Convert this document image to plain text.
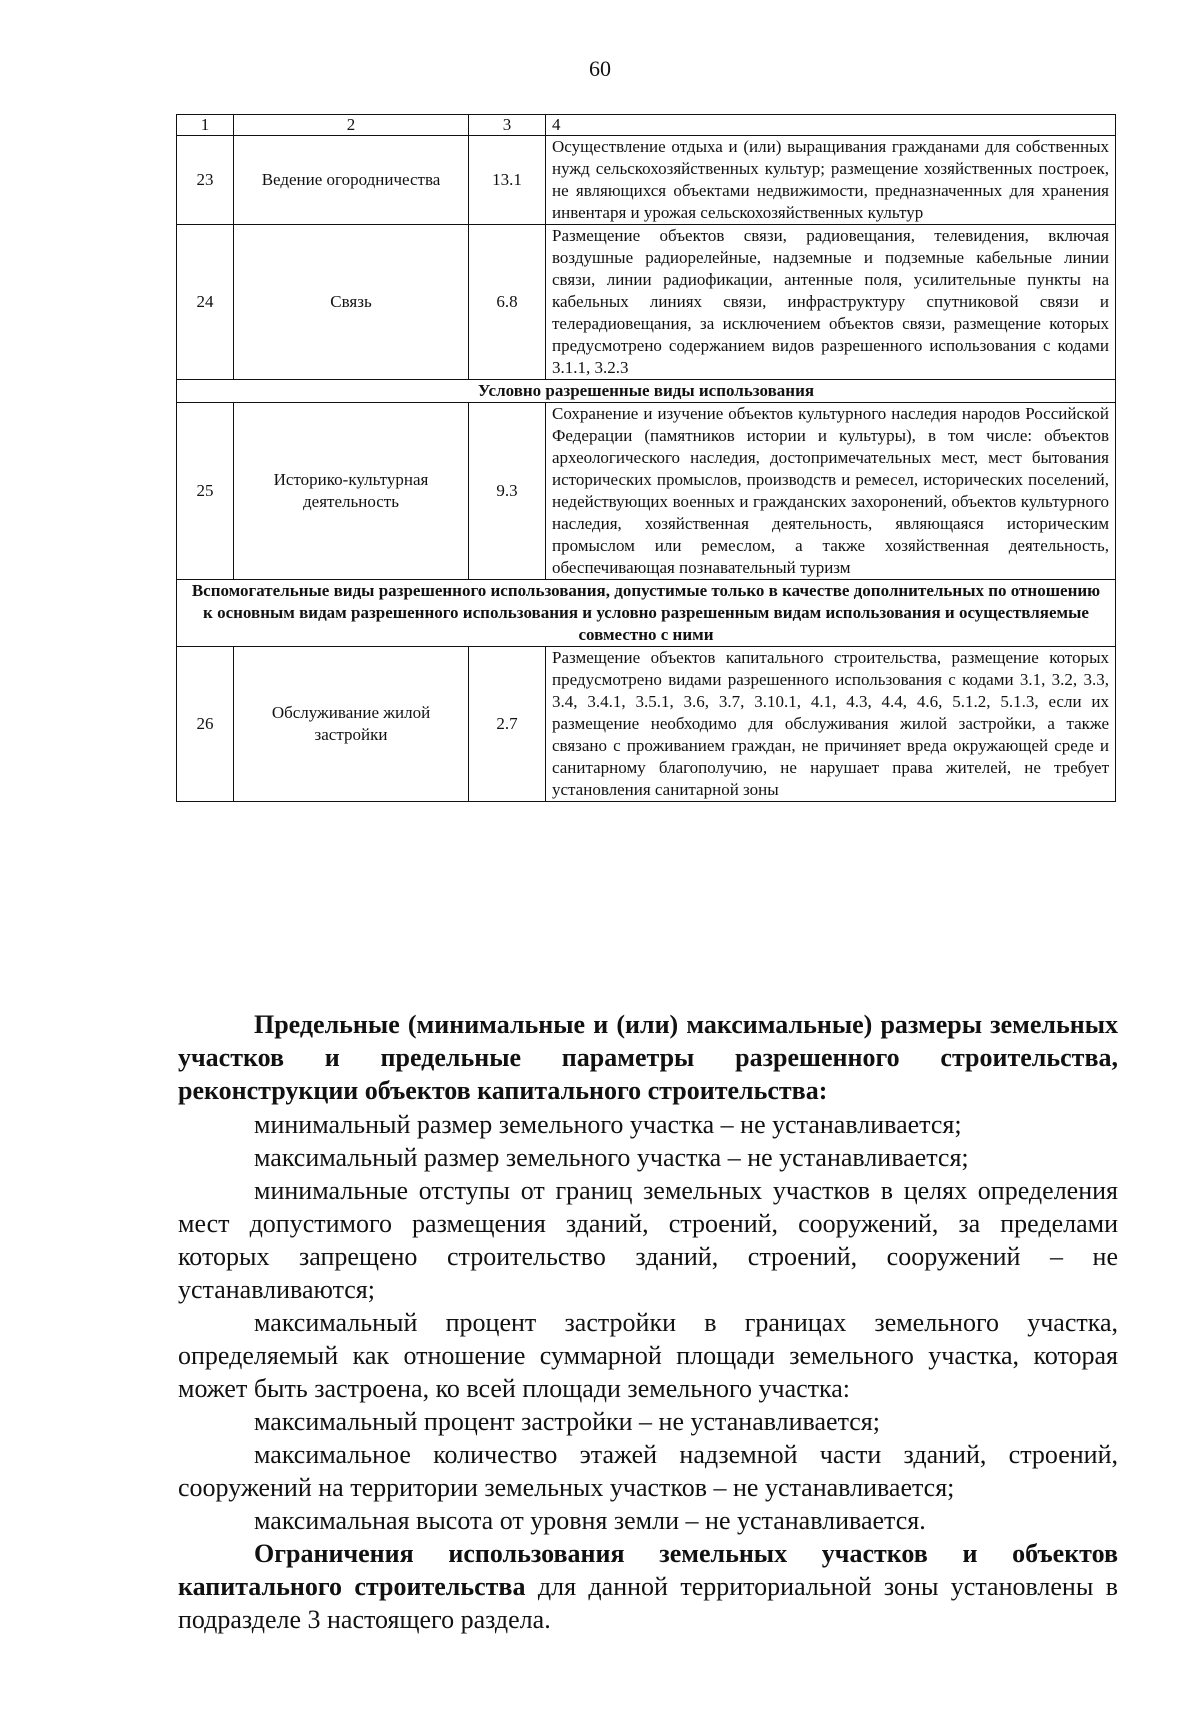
60
1	2	3	4
23	Ведение огородничества	13.1	Осуществление отдыха и (или) выращивания гражданами для собственных нужд сельскохозяйственных культур; размещение хозяйственных построек, не являющихся объектами недвижимости, предназначенных для хранения инвентаря и урожая сельскохозяйственных культур
24	Связь	6.8	Размещение объектов связи, радиовещания, телевидения, включая воздушные радиорелейные, надземные и подземные кабельные линии связи, линии радиофикации, антенные поля, усилительные пункты на кабельных линиях связи, инфраструктуру спутниковой связи и телерадиовещания, за исключением объектов связи, размещение которых предусмотрено содержанием видов разрешенного использования с кодами 3.1.1, 3.2.3
Условно разрешенные виды использования			
25	Историко-культурная деятельность	9.3	Сохранение и изучение объектов культурного наследия народов Российской Федерации (памятников истории и культуры), в том числе: объектов археологического наследия, достопримечательных мест, мест бытования исторических промыслов, производств и ремесел, исторических поселений, недействующих военных и гражданских захоронений, объектов культурного наследия, хозяйственная деятельность, являющаяся историческим промыслом или ремеслом, а также хозяйственная деятельность, обеспечивающая познавательный туризм
Вспомогательные виды разрешенного использования, допустимые только в качестве дополнительных по отношению к основным видам разрешенного использования и условно разрешенным видам использования и осуществляемые совместно с ними			
26	Обслуживание жилой застройки	2.7	Размещение объектов капитального строительства, размещение которых предусмотрено видами разрешенного использования с кодами 3.1, 3.2, 3.3, 3.4, 3.4.1, 3.5.1, 3.6, 3.7, 3.10.1, 4.1, 4.3, 4.4, 4.6, 5.1.2, 5.1.3, если их размещение необходимо для обслуживания жилой застройки, а также связано с проживанием граждан, не причиняет вреда окружающей среде и санитарному благополучию, не нарушает права жителей, не требует установления санитарной зоны
Предельные (минимальные и (или) максимальные) размеры земельных участков и предельные параметры разрешенного строительства, реконструкции объектов капитального строительства:

минимальный размер земельного участка – не устанавливается;

максимальный размер земельного участка – не устанавливается;

минимальные отступы от границ земельных участков в целях определения мест допустимого размещения зданий, строений, сооружений, за пределами которых запрещено строительство зданий, строений, сооружений – не устанавливаются;

максимальный процент застройки в границах земельного участка, определяемый как отношение суммарной площади земельного участка, которая может быть застроена, ко всей площади земельного участка:

максимальный процент застройки – не устанавливается;

максимальное количество этажей надземной части зданий, строений, сооружений на территории земельных участков – не устанавливается;

максимальная высота от уровня земли – не устанавливается.

Ограничения использования земельных участков и объектов капитального строительства для данной территориальной зоны установлены в подразделе 3 настоящего раздела.
